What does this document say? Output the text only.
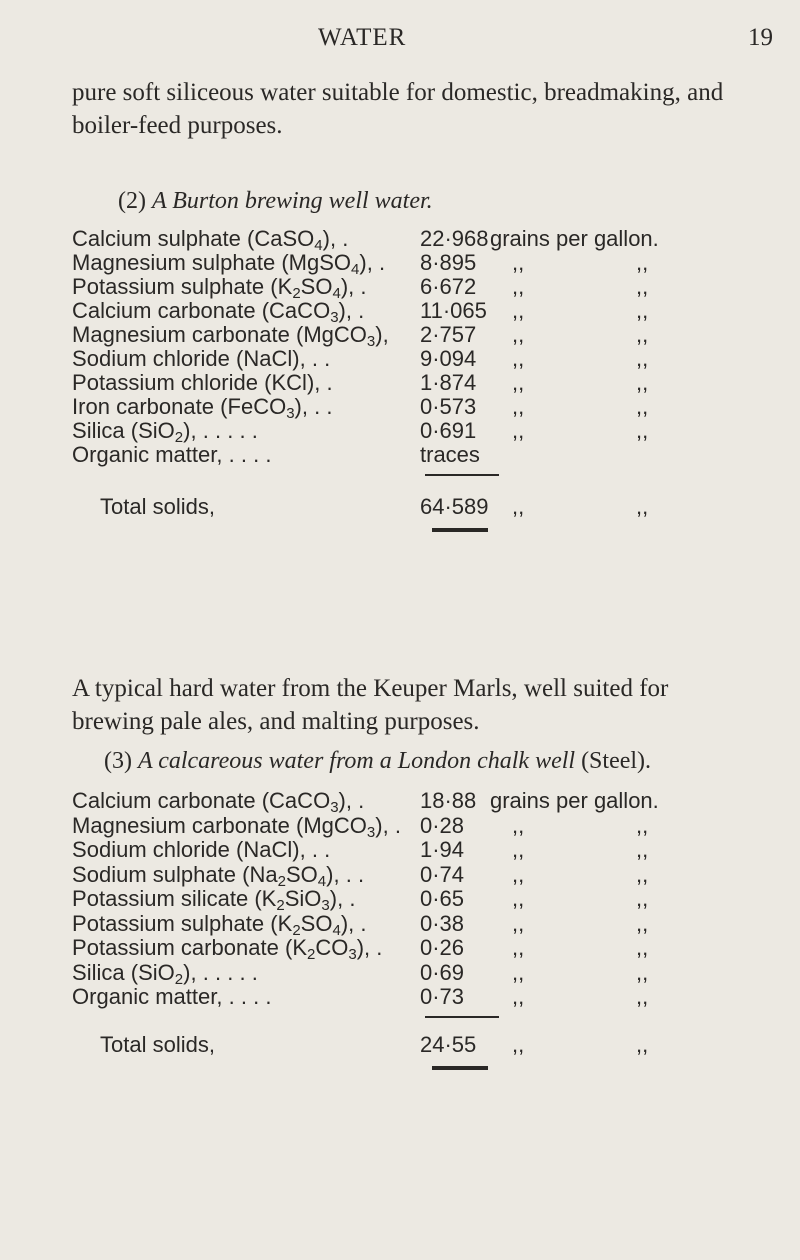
WATER	19
pure soft siliceous water suitable for domestic, breadmaking, and boiler-feed purposes.
(2) A Burton brewing well water.
Calcium sulphate (CaSO$_4$), .	22·968 grains per gallon.
Magnesium sulphate (MgSO$_4$), . 8·895 ,,	,,
Potassium sulphate $(K_2SO_4)$, . 6·672 ,,	,,
Calcium carbonate (CaCO$_3$), .	11·065 ,,	,,
Magnesium carbonate (MgCO$_3$), 2·757 ,,	,,
Sodium chloride (NaCl), . .	9·094 ,,	,,
Potassium chloride (KCl), .	1·874 ,,	,,
Iron carbonate (FeCO$_3$), . .	0·573 ,,	,,
Silica (SiO$_2$), . . . . .	0·691 ,,	,,
Organic matter, . . . .	traces
Total solids,	64·589 ,,	,,
A typical hard water from the Keuper Marls, well suited for brewing pale ales, and malting purposes.
(3) A calcareous water from a London chalk well (Steel).
Calcium carbonate (CaCO$_3$), .	18·88 grains per gallon.
Magnesium carbonate (MgCO$_3$), . 0·28 ,,	,,
Sodium chloride (NaCl), . .	1·94 ,,	,,
Sodium sulphate $(Na_2SO_4)$, . .	0·74 ,,	,,
Potassium silicate $(K_2SiO_3)$, .	0·65 ,,	,,
Potassium sulphate $(K_2SO_4)$, . 0·38 ,,	,,
Potassium carbonate $(K_2CO_3)$, . 0·26 ,,	,,
Silica (SiO$_2$), . . . . .	0·69 ,,	,,
Organic matter, . . . .	0·73 ,,	,,
Total solids,	24·55 ,,	,,
